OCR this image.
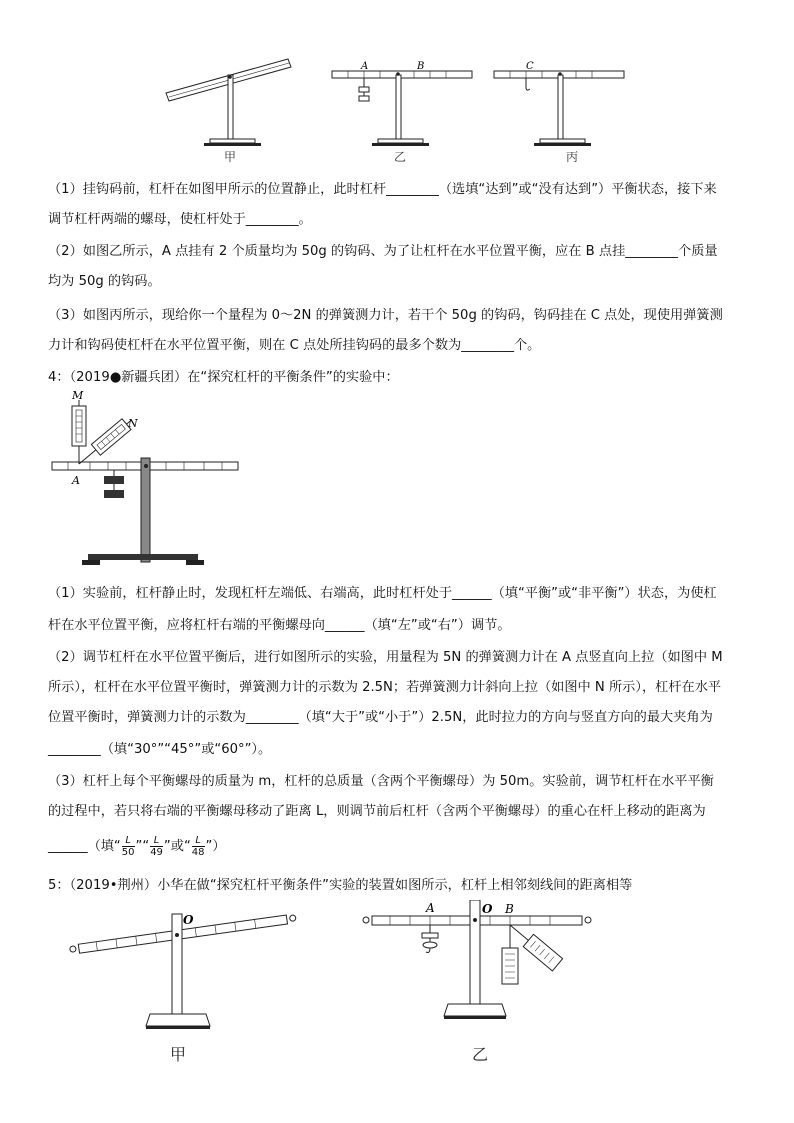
甲
A	B
乙
C
丙
（1）挂钩码前，杠杆在如图甲所示的位置静止，此时杠杆________（选填“达到”或“没有达到”）平衡状态，接下来
调节杠杆两端的螺母，使杠杆处于________。
（2）如图乙所示，A 点挂有 2 个质量均为 50g 的钩码、为了让杠杆在水平位置平衡，应在 B 点挂________个质量
均为 50g 的钩码。
（3）如图丙所示，现给你一个量程为 0～2N 的弹簧测力计，若干个 50g 的钩码，钩码挂在 C 点处，现使用弹簧测
力计和钩码使杠杆在水平位置平衡，则在 C 点处所挂钩码的最多个数为________个。
4：（2019●新疆兵团）在“探究杠杆的平衡条件”的实验中：
M
N
A
（1）实验前，杠杆静止时，发现杠杆左端低、右端高，此时杠杆处于______（填“平衡”或“非平衡”）状态，为使杠
杆在水平位置平衡，应将杠杆右端的平衡螺母向______（填“左”或“右”）调节。
（2）调节杠杆在水平位置平衡后，进行如图所示的实验，用量程为 5N 的弹簧测力计在 A 点竖直向上拉（如图中 M
所示），杠杆在水平位置平衡时，弹簧测力计的示数为 2.5N；若弹簧测力计斜向上拉（如图中 N 所示），杠杆在水平
位置平衡时，弹簧测力计的示数为________（填“大于”或“小于”）2.5N，此时拉力的方向与竖直方向的最大夹角为
________（填“30°”“45°”或“60°”）。
（3）杠杆上每个平衡螺母的质量为 m，杠杆的总质量（含两个平衡螺母）为 50m。实验前，调节杠杆在水平平衡
的过程中，若只将右端的平衡螺母移动了距离 L，则调节前后杠杆（含两个平衡螺母）的重心在杆上移动的距离为
______（填“ $\frac{L}{50}$ ”“ $\frac{L}{49}$ ”或“ $\frac{L}{48}$ ”）
5：（2019•荆州）小华在做“探究杠杆平衡条件”实验的装置如图所示，杠杆上相邻刻线间的距离相等
O
甲
A	O B
乙
